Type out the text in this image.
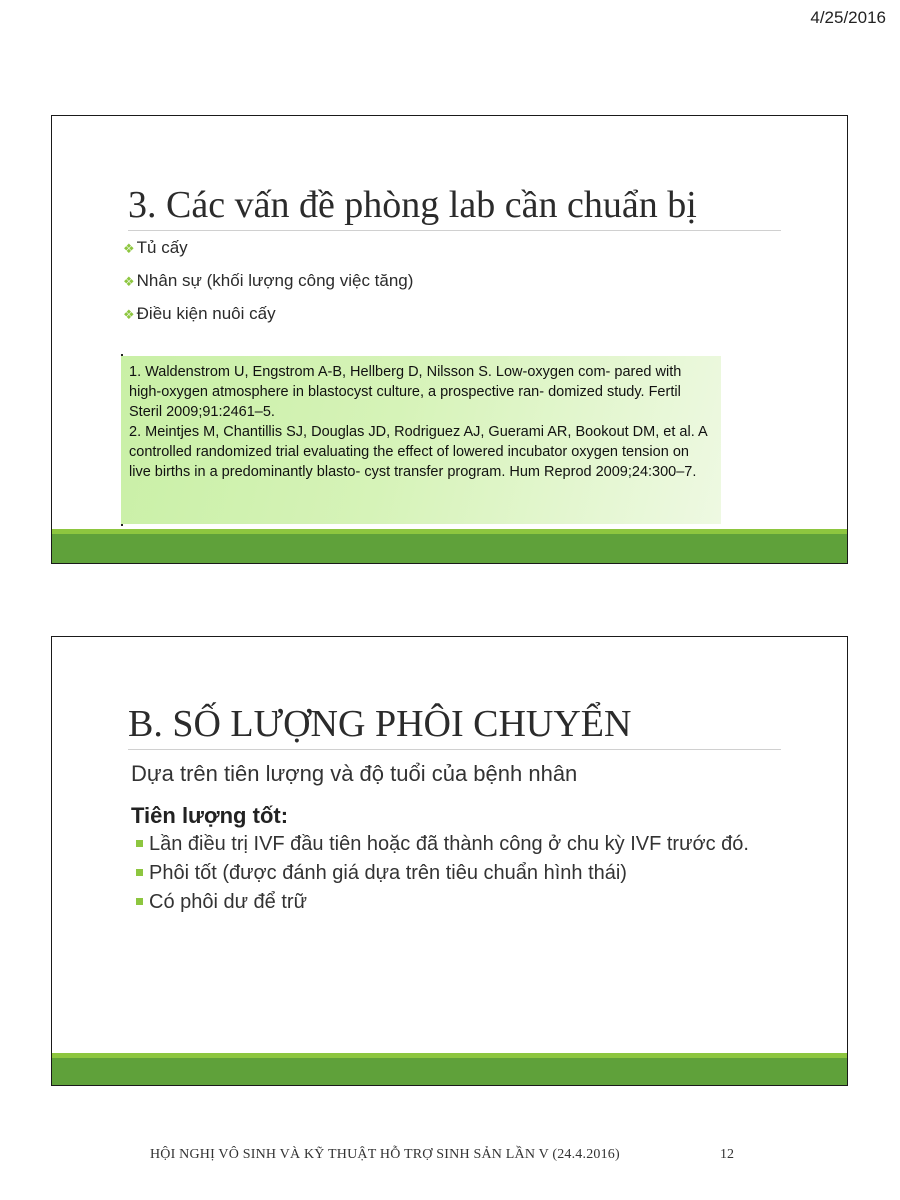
4/25/2016
3. Các vấn đề phòng lab cần chuẩn bị
❖ Tủ cấy
❖ Nhân sự (khối lượng công việc tăng)
❖ Điều kiện nuôi cấy

1. Waldenstrom U, Engstrom A-B, Hellberg D, Nilsson S. Low-oxygen com- pared with high-oxygen atmosphere in blastocyst culture, a prospective ran- domized study. Fertil Steril 2009;91:2461–5.

2. Meintjes M, Chantillis SJ, Douglas JD, Rodriguez AJ, Guerami AR, Bookout DM, et al. A controlled randomized trial evaluating the effect of lowered incubator oxygen tension on live births in a predominantly blasto- cyst transfer program. Hum Reprod 2009;24:300–7.

B. SỐ LƯỢNG PHÔI CHUYỂN
Dựa trên tiên lượng và độ tuổi của bệnh nhân
Tiên lượng tốt:
Lần điều trị IVF đầu tiên hoặc đã thành công ở chu kỳ IVF trước đó.
Phôi tốt (được đánh giá dựa trên tiêu chuẩn hình thái)
Có phôi dư để trữ
HỘI NGHỊ VÔ SINH VÀ KỸ THUẬT HỖ TRỢ SINH SẢN LẦN V (24.4.2016)	12
